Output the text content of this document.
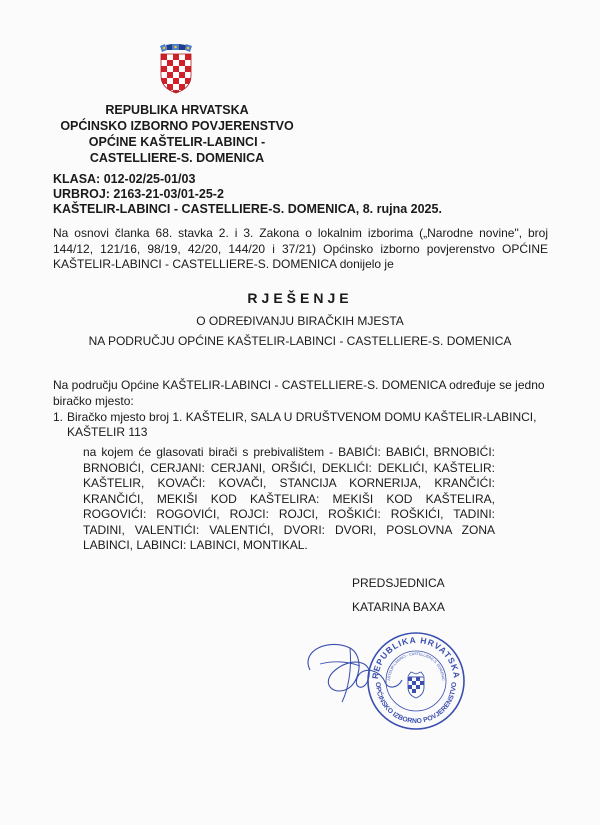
REPUBLIKA HRVATSKA
OPĆINSKO IZBORNO POVJERENSTVO
OPĆINE KAŠTELIR-LABINCI -
CASTELLIERE-S. DOMENICA
KLASA: 012-02/25-01/03
URBROJ: 2163-21-03/01-25-2
KAŠTELIR-LABINCI - CASTELLIERE-S. DOMENICA, 8. rujna 2025.
Na osnovi članka 68. stavka 2. i 3. Zakona o lokalnim izborima („Narodne novine", broj 144/12, 121/16, 98/19, 42/20, 144/20 i 37/21) Općinsko izborno povjerenstvo OPĆINE KAŠTELIR-LABINCI - CASTELLIERE-S. DOMENICA donijelo je
RJEŠENJE
O ODREĐIVANJU BIRAČKIH MJESTA
NA PODRUČJU OPĆINE KAŠTELIR-LABINCI - CASTELLIERE-S. DOMENICA
Na području Općine KAŠTELIR-LABINCI - CASTELLIERE-S. DOMENICA određuje se jedno biračko mjesto:
1. Biračko mjesto broj 1. KAŠTELIR, SALA U DRUŠTVENOM DOMU KAŠTELIR-LABINCI, KAŠTELIR 113
na kojem će glasovati birači s prebivalištem - BABIĆI: BABIĆI, BRNOBIĆI: BRNOBIĆI, CERJANI: CERJANI, ORŠIĆI, DEKLIĆI: DEKLIĆI, KAŠTELIR: KAŠTELIR, KOVAČI: KOVAČI, STANCIJA KORNERIJA, KRANČIĆI: KRANČIĆI, MEKIŠI KOD KAŠTELIRA: MEKIŠI KOD KAŠTELIRA, ROGOVIĆI: ROGOVIĆI, ROJCI: ROJCI, ROŠKIĆI: ROŠKIĆI, TADINI: TADINI, VALENTIĆI: VALENTIĆI, DVORI: DVORI, POSLOVNA ZONA LABINCI, LABINCI: LABINCI, MONTIKAL.
PREDSJEDNICA
KATARINA BAXA
REPUBLIKA HRVATSKA
OPĆINSKO IZBORNO POVJERENSTVO
AŠTELIR-LABINCI - CASTELLIERE-S. DOMENIC
